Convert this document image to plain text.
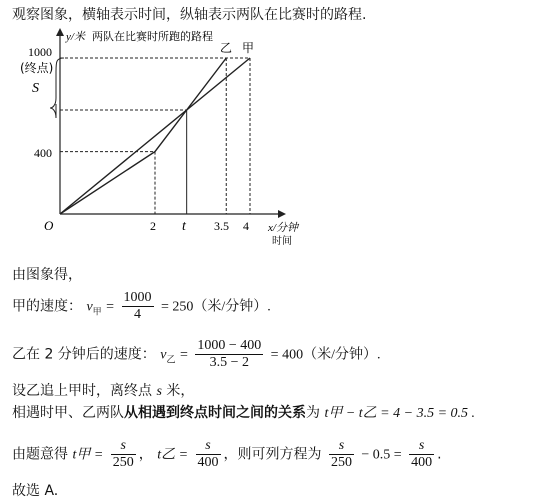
观察图象，横轴表示时间，纵轴表示两队在比赛时的路程.
y/米 两队在比赛时所跑的路程
x/分钟
时间
O
1000
400
2 t 3.5 4
乙 甲
(终点)
S
由图象得，
甲的速度： $v_甲 = \frac{1000}{4} = 250$（米/分钟）.
乙在 2 分钟后的速度： $v_乙 = \frac{1000 - 400}{3.5 - 2} = 400$（米/分钟）.
设乙追上甲时，离终点 s 米，
相遇时甲、乙两队从相遇到终点时间之间的关系为 t甲 − t乙 = 4 − 3.5 = 0.5 .
由题意得 t甲 = $\frac{s}{250}$ ， t乙 = $\frac{s}{400}$ ，则可列方程为 $\frac{s}{250} - 0.5 = \frac{s}{400}$ .
故选 A.
